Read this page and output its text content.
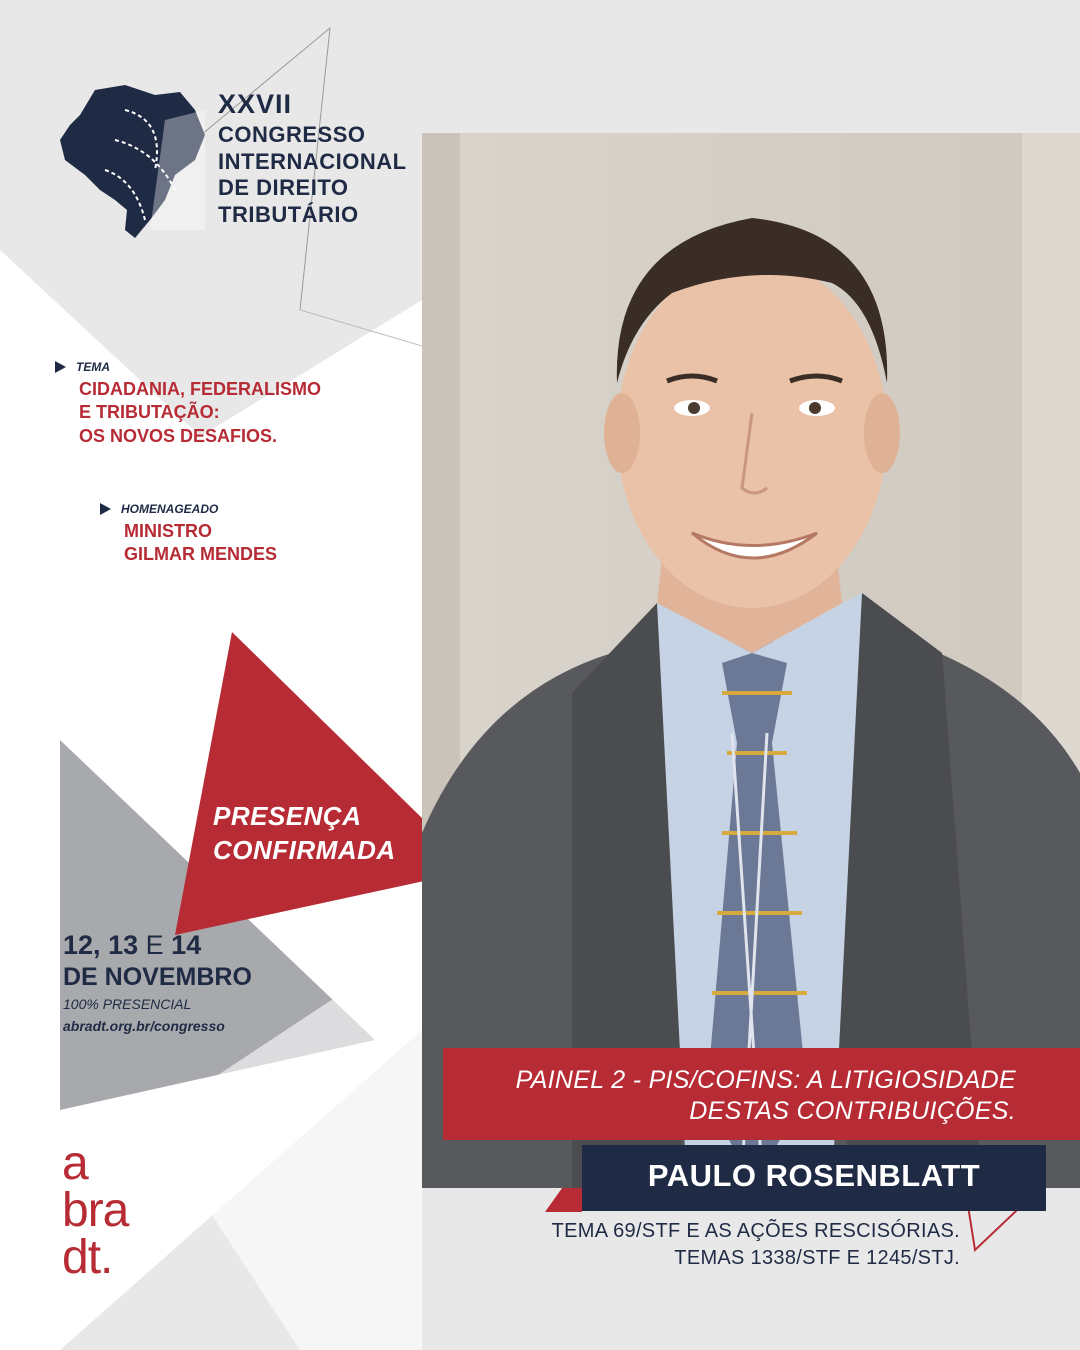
XXVII
CONGRESSO
INTERNACIONAL
DE DIREITO
TRIBUTÁRIO
TEMA
CIDADANIA, FEDERALISMO
E TRIBUTAÇÃO:
OS NOVOS DESAFIOS.
HOMENAGEADO
MINISTRO
GILMAR MENDES
PRESENÇA
CONFIRMADA
12, 13 E 14
DE NOVEMBRO
100% PRESENCIAL
abradt.org.br/congresso
PAINEL 2 - PIS/COFINS: A LITIGIOSIDADE
DESTAS CONTRIBUIÇÕES.
PAULO ROSENBLATT
TEMA 69/STF E AS AÇÕES RESCISÓRIAS.
TEMAS 1338/STF E 1245/STJ.
a
bra
dt.
